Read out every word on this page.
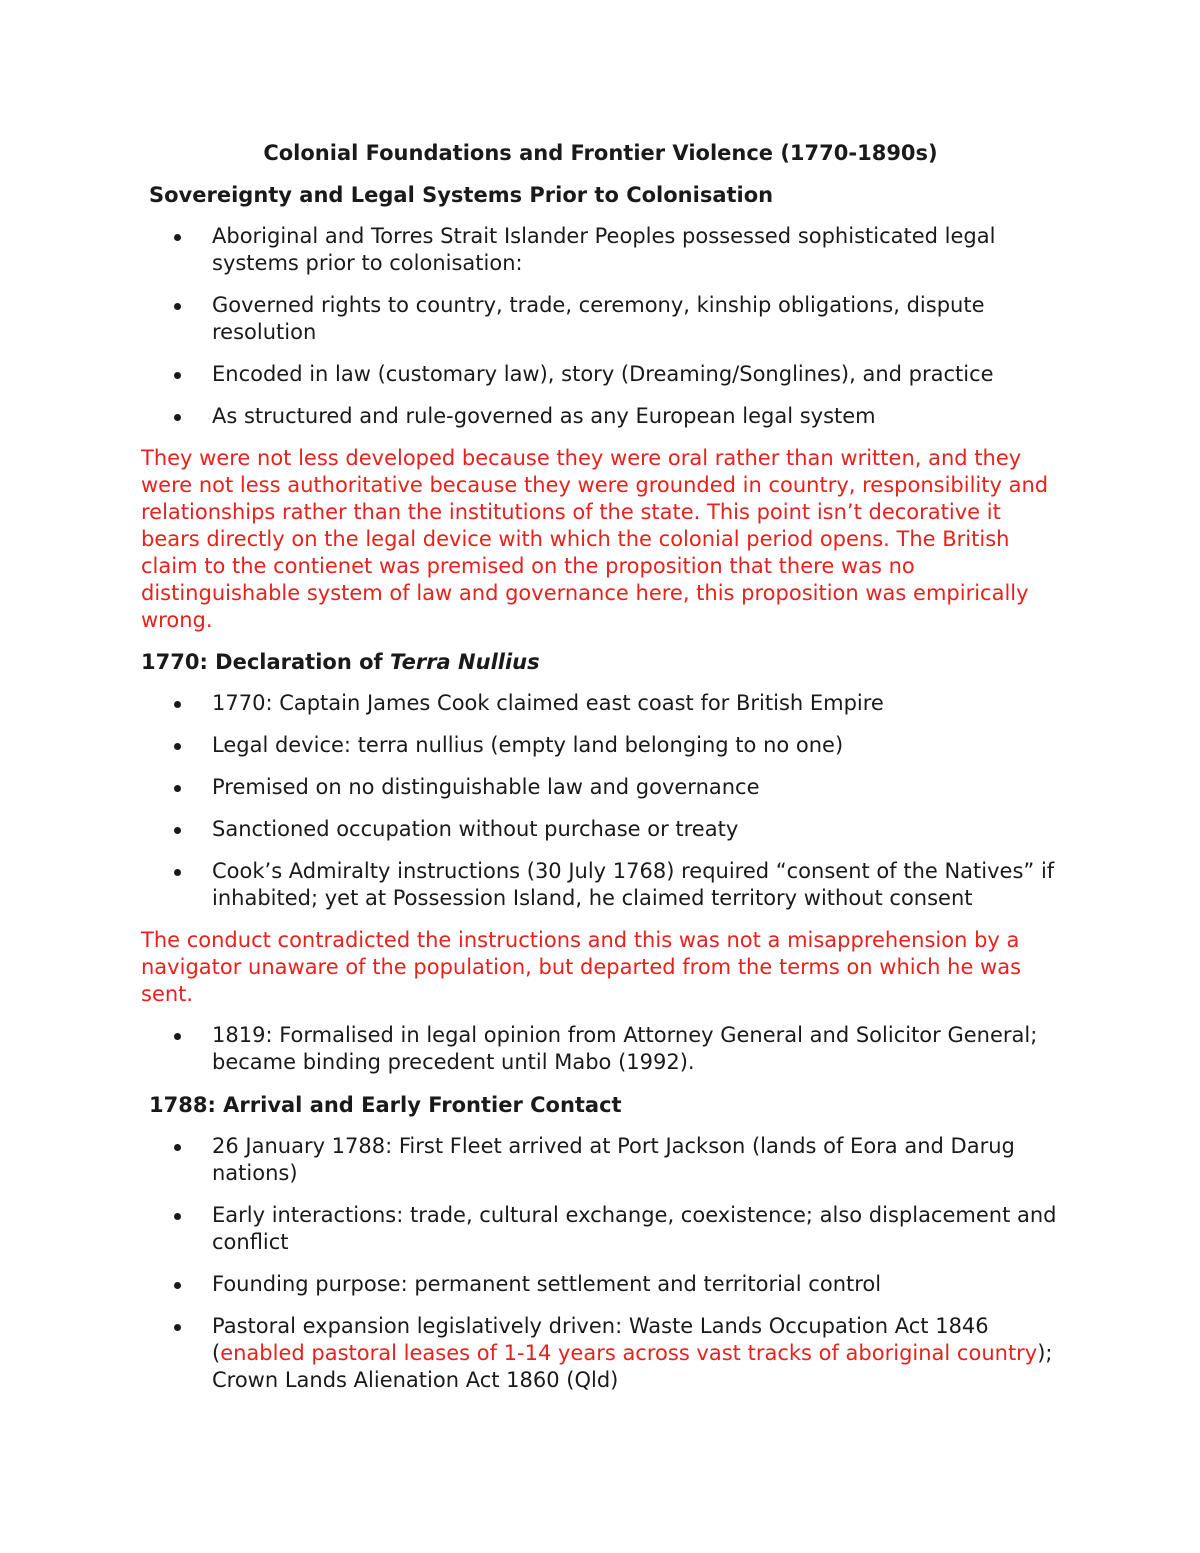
Colonial Foundations and Frontier Violence (1770-1890s)
Sovereignty and Legal Systems Prior to Colonisation
Aboriginal and Torres Strait Islander Peoples possessed sophisticated legal systems prior to colonisation:
Governed rights to country, trade, ceremony, kinship obligations, dispute resolution
Encoded in law (customary law), story (Dreaming/Songlines), and practice
As structured and rule-governed as any European legal system

They were not less developed because they were oral rather than written, and they were not less authoritative because they were grounded in country, responsibility and relationships rather than the institutions of the state. This point isn’t decorative it bears directly on the legal device with which the colonial period opens. The British claim to the contienet was premised on the proposition that there was no distinguishable system of law and governance here, this proposition was empirically wrong.

1770: Declaration of Terra Nullius
1770: Captain James Cook claimed east coast for British Empire
Legal device: terra nullius (empty land belonging to no one)
Premised on no distinguishable law and governance
Sanctioned occupation without purchase or treaty
Cook’s Admiralty instructions (30 July 1768) required “consent of the Natives” if inhabited; yet at Possession Island, he claimed territory without consent

The conduct contradicted the instructions and this was not a misapprehension by a navigator unaware of the population, but departed from the terms on which he was sent.

1819: Formalised in legal opinion from Attorney General and Solicitor General; became binding precedent until Mabo (1992).
1788: Arrival and Early Frontier Contact
26 January 1788: First Fleet arrived at Port Jackson (lands of Eora and Darug nations)
Early interactions: trade, cultural exchange, coexistence; also displacement and conflict
Founding purpose: permanent settlement and territorial control
Pastoral expansion legislatively driven: Waste Lands Occupation Act 1846 (enabled pastoral leases of 1-14 years across vast tracks of aboriginal country); Crown Lands Alienation Act 1860 (Qld)
